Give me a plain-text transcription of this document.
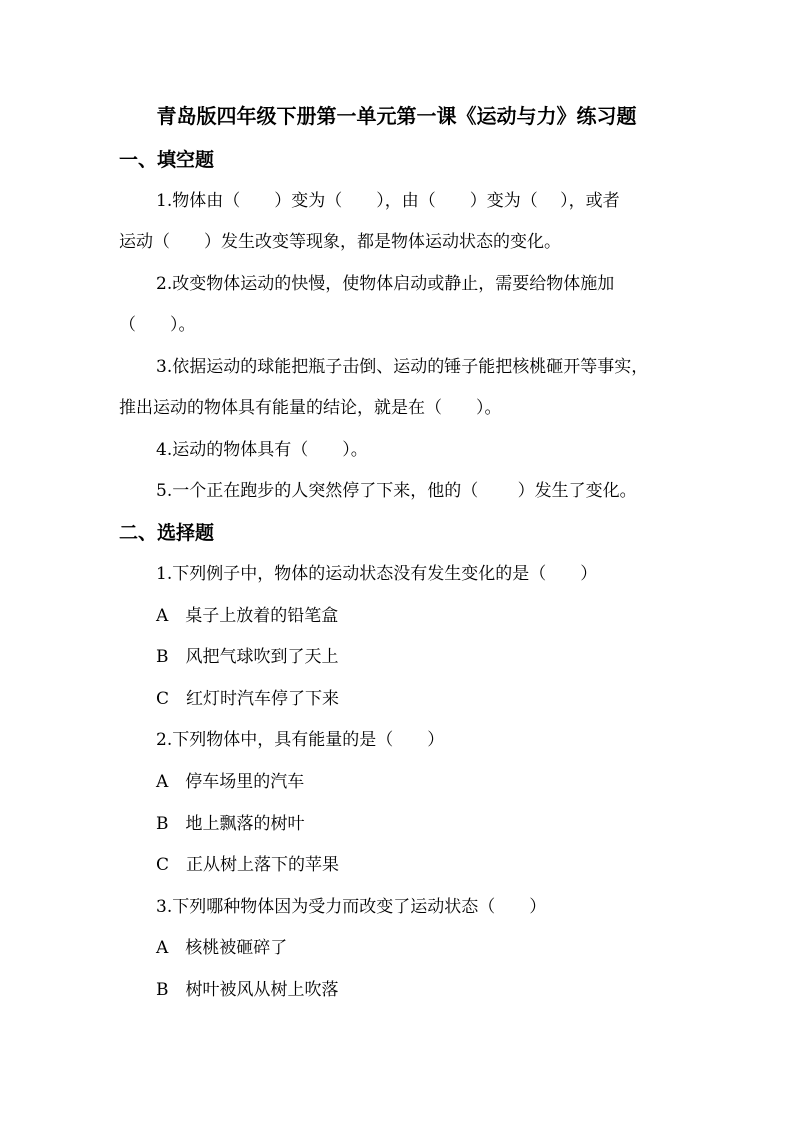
青岛版四年级下册第一单元第一课《运动与力》练习题
一、填空题
1.物体由（　　）变为（　　），由（　　）变为（　 ），或者
运动（　　）发生改变等现象，都是物体运动状态的变化。
2.改变物体运动的快慢，使物体启动或静止，需要给物体施加
（　　）。
3.依据运动的球能把瓶子击倒、运动的锤子能把核桃砸开等事实，
推出运动的物体具有能量的结论，就是在（　　）。
4.运动的物体具有（　　）。
5.一个正在跑步的人突然停了下来，他的（　　 ）发生了变化。
二、选择题
1.下列例子中，物体的运动状态没有发生变化的是（　　）
A　桌子上放着的铅笔盒
B　风把气球吹到了天上
C　红灯时汽车停了下来
2.下列物体中，具有能量的是（　　）
A　停车场里的汽车
B　地上飘落的树叶
C　正从树上落下的苹果
3.下列哪种物体因为受力而改变了运动状态（　　）
A　核桃被砸碎了
B　树叶被风从树上吹落
